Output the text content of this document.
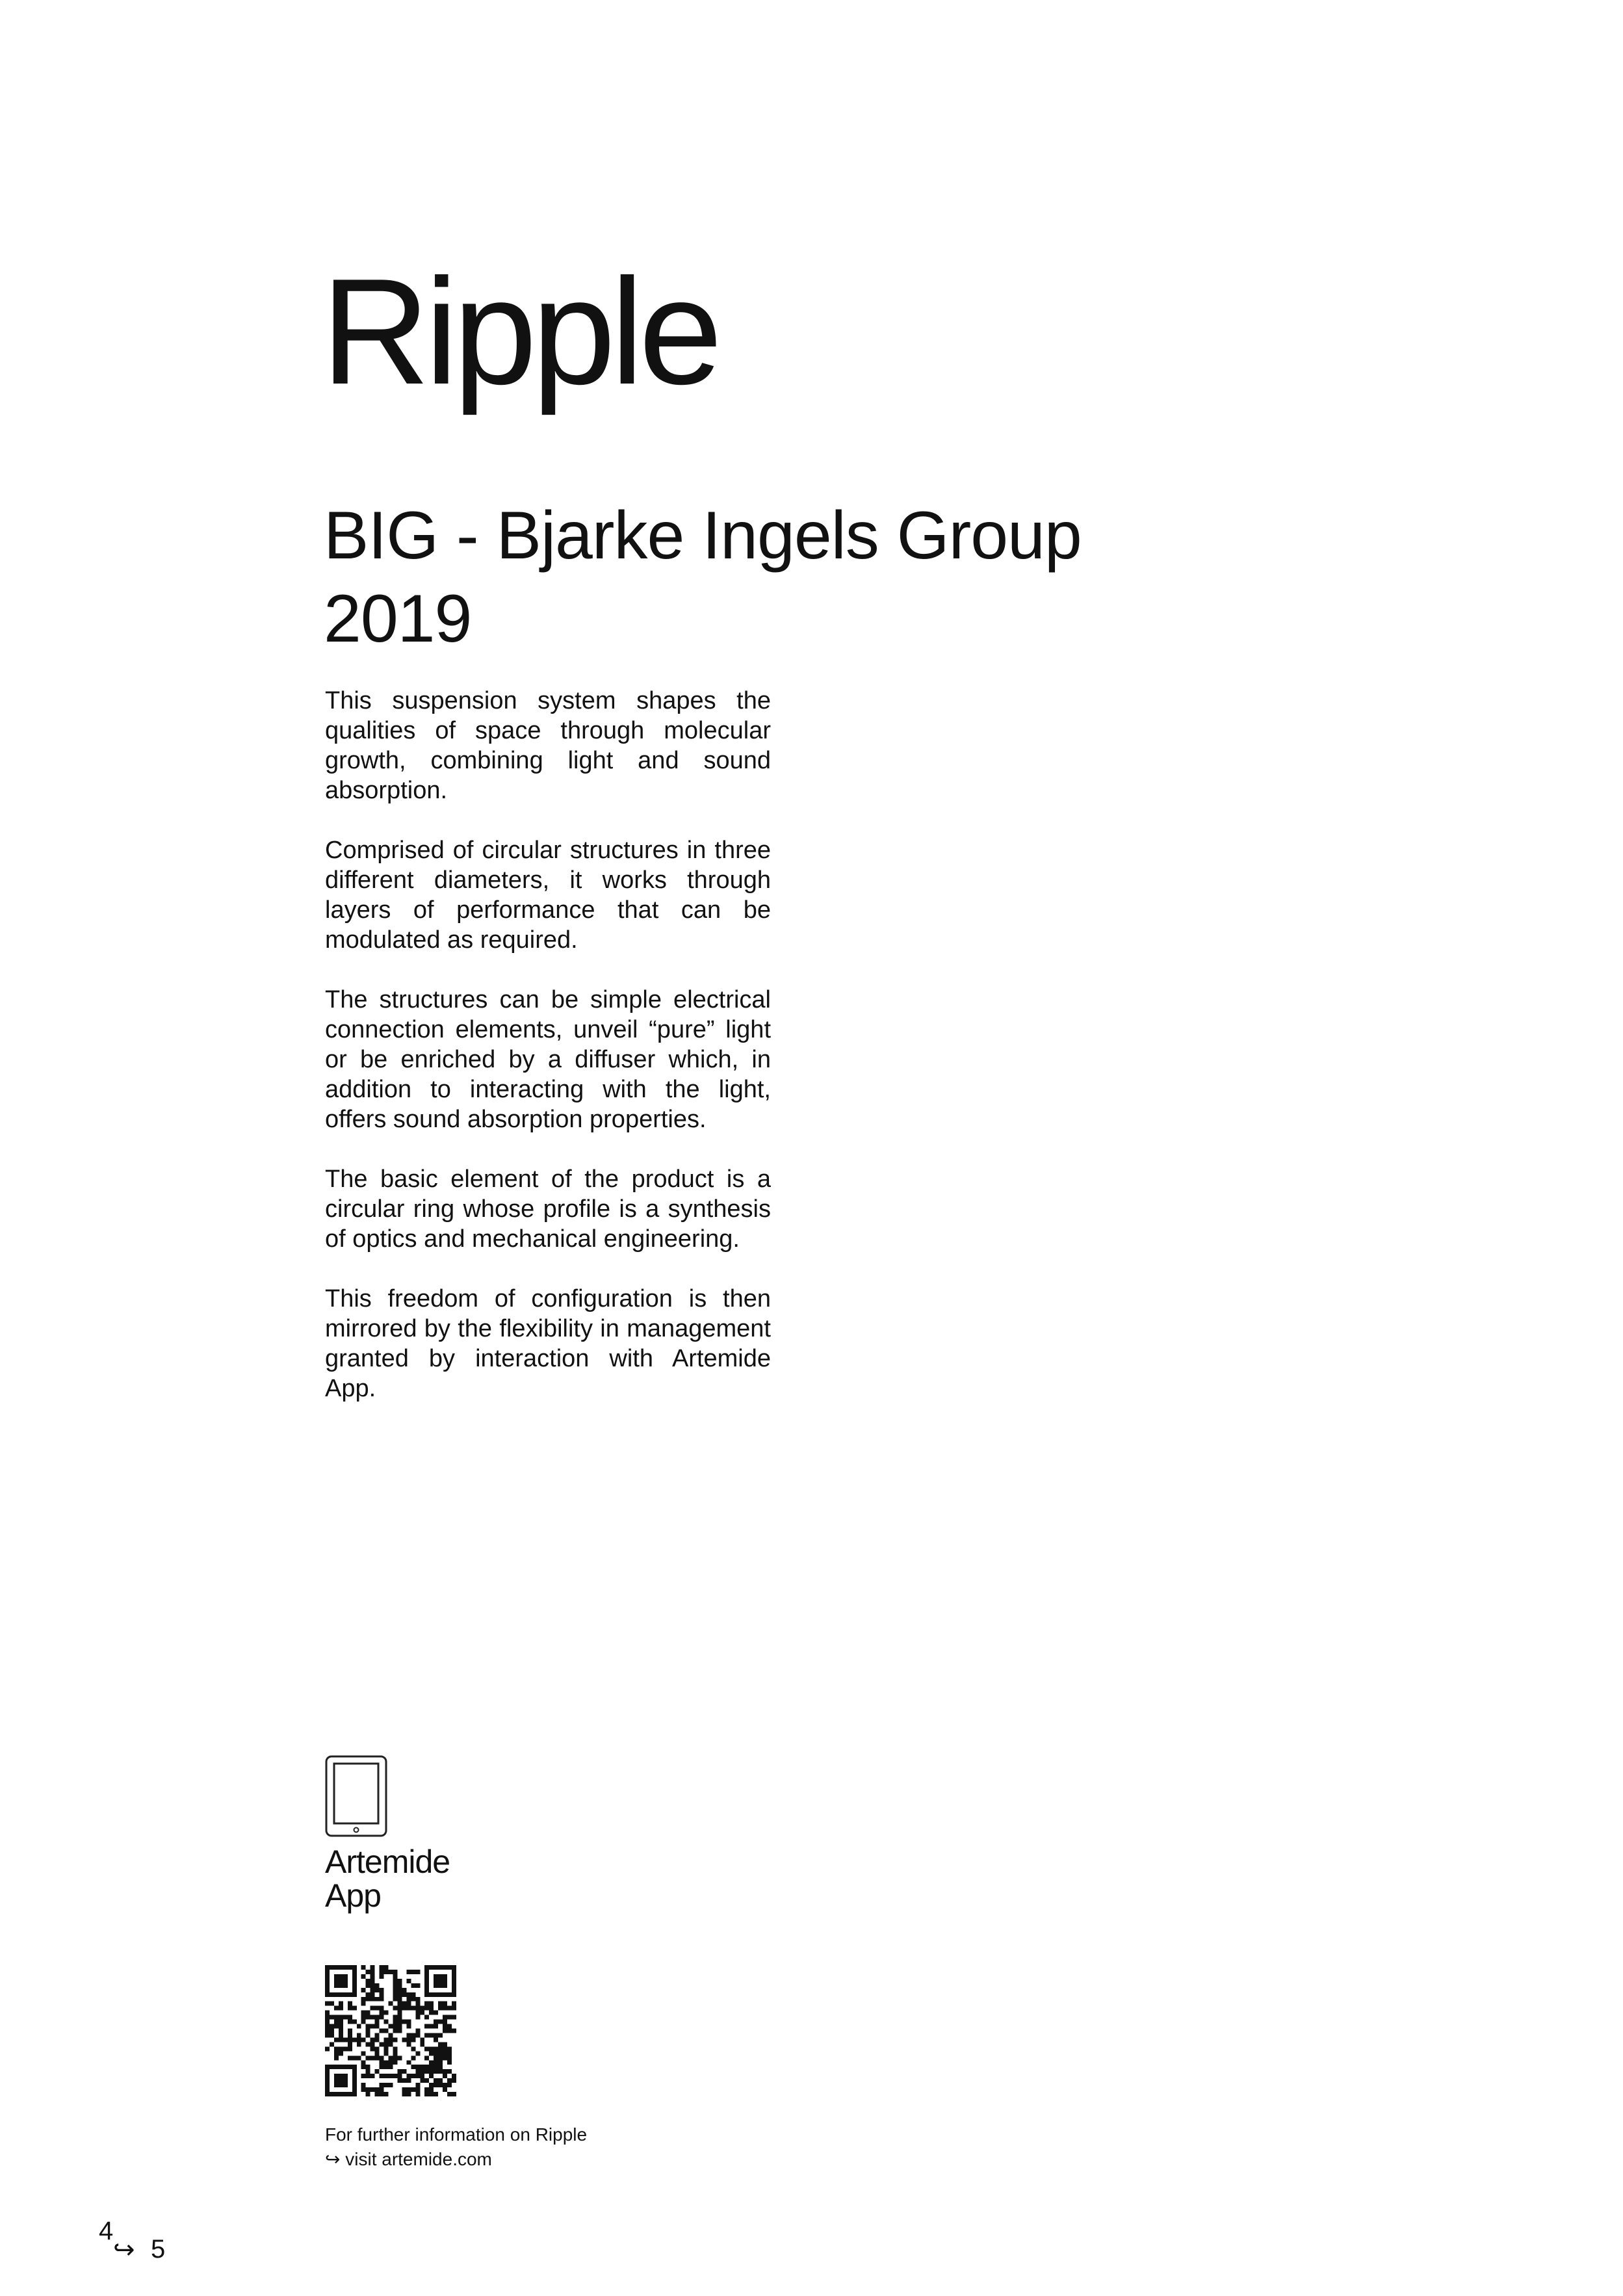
Ripple
BIG - Bjarke Ingels Group
2019

This suspension system shapes the qualities of space through molecular growth, combining light and sound absorption.

Comprised of circular structures in three different diameters, it works through layers of performance that can be modulated as required.

The structures can be simple electrical connection elements, unveil “pure” light or be enriched by a diffuser which, in addition to interacting with the light, offers sound absorption properties.

The basic element of the product is a circular ring whose profile is a synthesis of optics and mechanical engineering.

This freedom of configuration is then mirrored by the flexibility in management granted by interaction with Artemide App.

Artemide
App
For further information on Ripple
↪ visit artemide.com
4
↪ 5
